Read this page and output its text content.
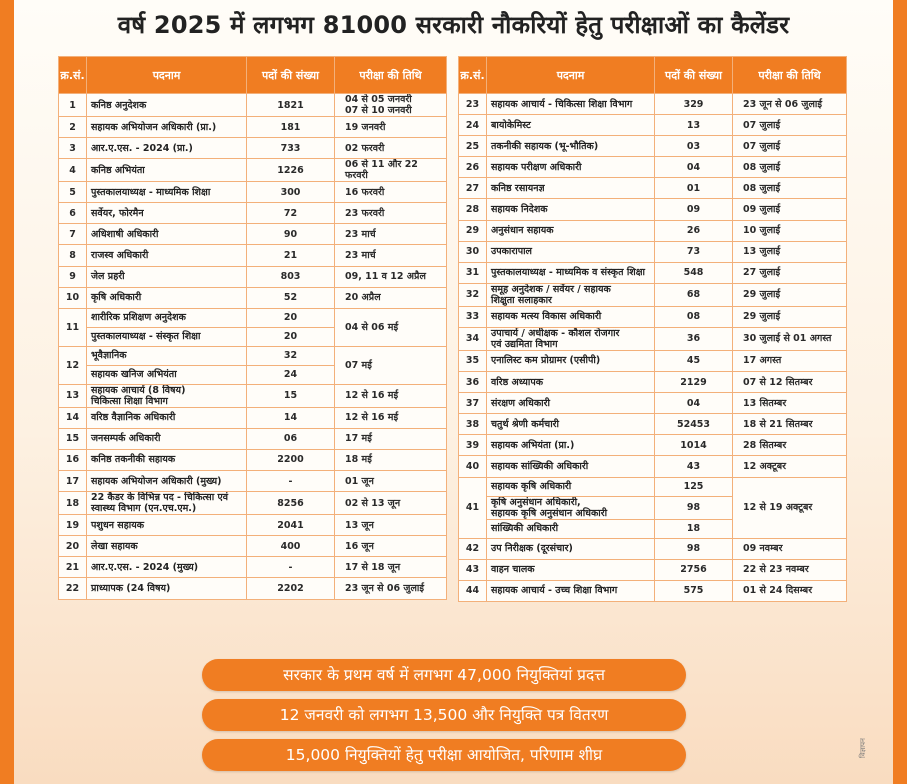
वर्ष 2025 में लगभग 81000 सरकारी नौकरियों हेतु परीक्षाओं का कैलेंडर
क्र.सं.	पदनाम	पदों की संख्या	परीक्षा की तिथि
1	कनिष्ठ अनुदेशक	1821	04 से 05 जनवरी
07 से 10 जनवरी
2	सहायक अभियोजन अधिकारी (प्रा.)	181	19 जनवरी
3	आर.ए.एस. - 2024 (प्रा.)	733	02 फरवरी
4	कनिष्ठ अभियंता	1226	06 से 11 और 22 फरवरी
5	पुस्तकालयाध्यक्ष - माध्यमिक शिक्षा	300	16 फरवरी
6	सर्वेयर, फोरमैन	72	23 फरवरी
7	अधिशाषी अधिकारी	90	23 मार्च
8	राजस्व अधिकारी	21	23 मार्च
9	जेल प्रहरी	803	09, 11 व 12 अप्रैल
10	कृषि अधिकारी	52	20 अप्रैल
11	शारीरिक प्रशिक्षण अनुदेशक	20	04 से 06 मई
	पुस्तकालयाध्यक्ष - संस्कृत शिक्षा	20	
12	भूवैज्ञानिक	32	07 मई
	सहायक खनिज अभियंता	24	
13	सहायक आचार्य (8 विषय)
चिकित्सा शिक्षा विभाग	15	12 से 16 मई
14	वरिष्ठ वैज्ञानिक अधिकारी	14	12 से 16 मई
15	जनसम्पर्क अधिकारी	06	17 मई
16	कनिष्ठ तकनीकी सहायक	2200	18 मई
17	सहायक अभियोजन अधिकारी (मुख्य)	-	01 जून
18	22 कैडर के विभिन्न पद - चिकित्सा एवं
स्वास्थ्य विभाग (एन.एच.एम.)	8256	02 से 13 जून
19	पशुधन सहायक	2041	13 जून
20	लेखा सहायक	400	16 जून
21	आर.ए.एस. - 2024 (मुख्य)	-	17 से 18 जून
22	प्राध्यापक (24 विषय)	2202	23 जून से 06 जुलाई
क्र.सं.	पदनाम	पदों की संख्या	परीक्षा की तिथि
23	सहायक आचार्य - चिकित्सा शिक्षा विभाग	329	23 जून से 06 जुलाई
24	बायोकेमिस्ट	13	07 जुलाई
25	तकनीकी सहायक (भू-भौतिक)	03	07 जुलाई
26	सहायक परीक्षण अधिकारी	04	08 जुलाई
27	कनिष्ठ रसायनज्ञ	01	08 जुलाई
28	सहायक निदेशक	09	09 जुलाई
29	अनुसंधान सहायक	26	10 जुलाई
30	उपकारापाल	73	13 जुलाई
31	पुस्तकालयाध्यक्ष - माध्यमिक व संस्कृत शिक्षा	548	27 जुलाई
32	समूह अनुदेशक / सर्वेयर / सहायक
शिक्षुता सलाहकार	68	29 जुलाई
33	सहायक मत्स्य विकास अधिकारी	08	29 जुलाई
34	उपाचार्य / अधीक्षक - कौशल रोजगार
एवं उद्यमिता विभाग	36	30 जुलाई से 01 अगस्त
35	एनालिस्ट कम प्रोग्रामर (एसीपी)	45	17 अगस्त
36	वरिष्ठ अध्यापक	2129	07 से 12 सितम्बर
37	संरक्षण अधिकारी	04	13 सितम्बर
38	चतुर्थ श्रेणी कर्मचारी	52453	18 से 21 सितम्बर
39	सहायक अभियंता (प्रा.)	1014	28 सितम्बर
40	सहायक सांख्यिकी अधिकारी	43	12 अक्टूबर
41	सहायक कृषि अधिकारी	125	12 से 19 अक्टूबर
	कृषि अनुसंधान अधिकारी,
सहायक कृषि अनुसंधान अधिकारी	98	
	सांख्यिकी अधिकारी	18	
42	उप निरीक्षक (दूरसंचार)	98	09 नवम्बर
43	वाहन चालक	2756	22 से 23 नवम्बर
44	सहायक आचार्य - उच्च शिक्षा विभाग	575	01 से 24 दिसम्बर
सरकार के प्रथम वर्ष में लगभग 47,000 नियुक्तियां प्रदत्त
12 जनवरी को लगभग 13,500 और नियुक्ति पत्र वितरण
15,000 नियुक्तियों हेतु परीक्षा आयोजित, परिणाम शीघ्र	विज्ञापन
